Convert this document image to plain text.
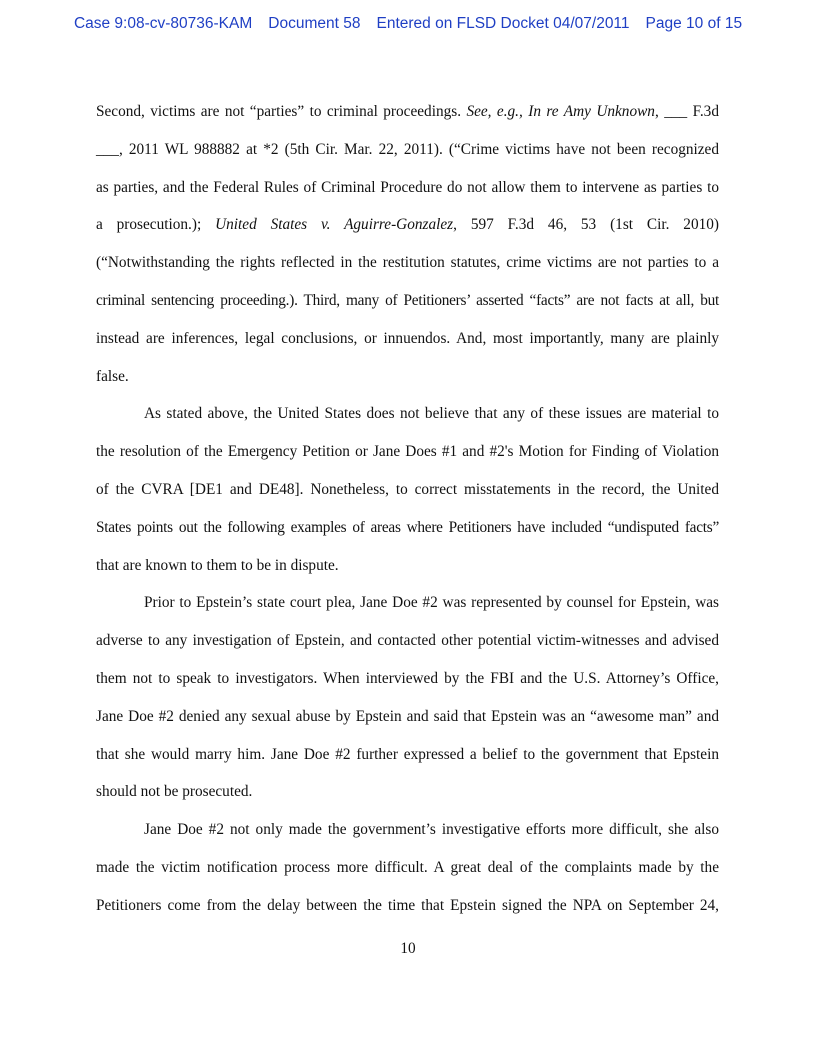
Case 9:08-cv-80736-KAM Document 58 Entered on FLSD Docket 04/07/2011 Page 10 of 15
Second, victims are not “parties” to criminal proceedings. See, e.g., In re Amy Unknown, ___ F.3d
___, 2011 WL 988882 at *2 (5th Cir. Mar. 22, 2011). (“Crime victims have not been recognized
as parties, and the Federal Rules of Criminal Procedure do not allow them to intervene as parties to
a prosecution.); United States v. Aguirre-Gonzalez, 597 F.3d 46, 53 (1st Cir. 2010)
(“Notwithstanding the rights reflected in the restitution statutes, crime victims are not parties to a
criminal sentencing proceeding.). Third, many of Petitioners’ asserted “facts” are not facts at all, but
instead are inferences, legal conclusions, or innuendos. And, most importantly, many are plainly
false.
As stated above, the United States does not believe that any of these issues are material to
the resolution of the Emergency Petition or Jane Does #1 and #2's Motion for Finding of Violation
of the CVRA [DE1 and DE48]. Nonetheless, to correct misstatements in the record, the United
States points out the following examples of areas where Petitioners have included “undisputed facts”
that are known to them to be in dispute.
Prior to Epstein’s state court plea, Jane Doe #2 was represented by counsel for Epstein, was
adverse to any investigation of Epstein, and contacted other potential victim-witnesses and advised
them not to speak to investigators. When interviewed by the FBI and the U.S. Attorney’s Office,
Jane Doe #2 denied any sexual abuse by Epstein and said that Epstein was an “awesome man” and
that she would marry him. Jane Doe #2 further expressed a belief to the government that Epstein
should not be prosecuted.
Jane Doe #2 not only made the government’s investigative efforts more difficult, she also
made the victim notification process more difficult. A great deal of the complaints made by the
Petitioners come from the delay between the time that Epstein signed the NPA on September 24,
10
